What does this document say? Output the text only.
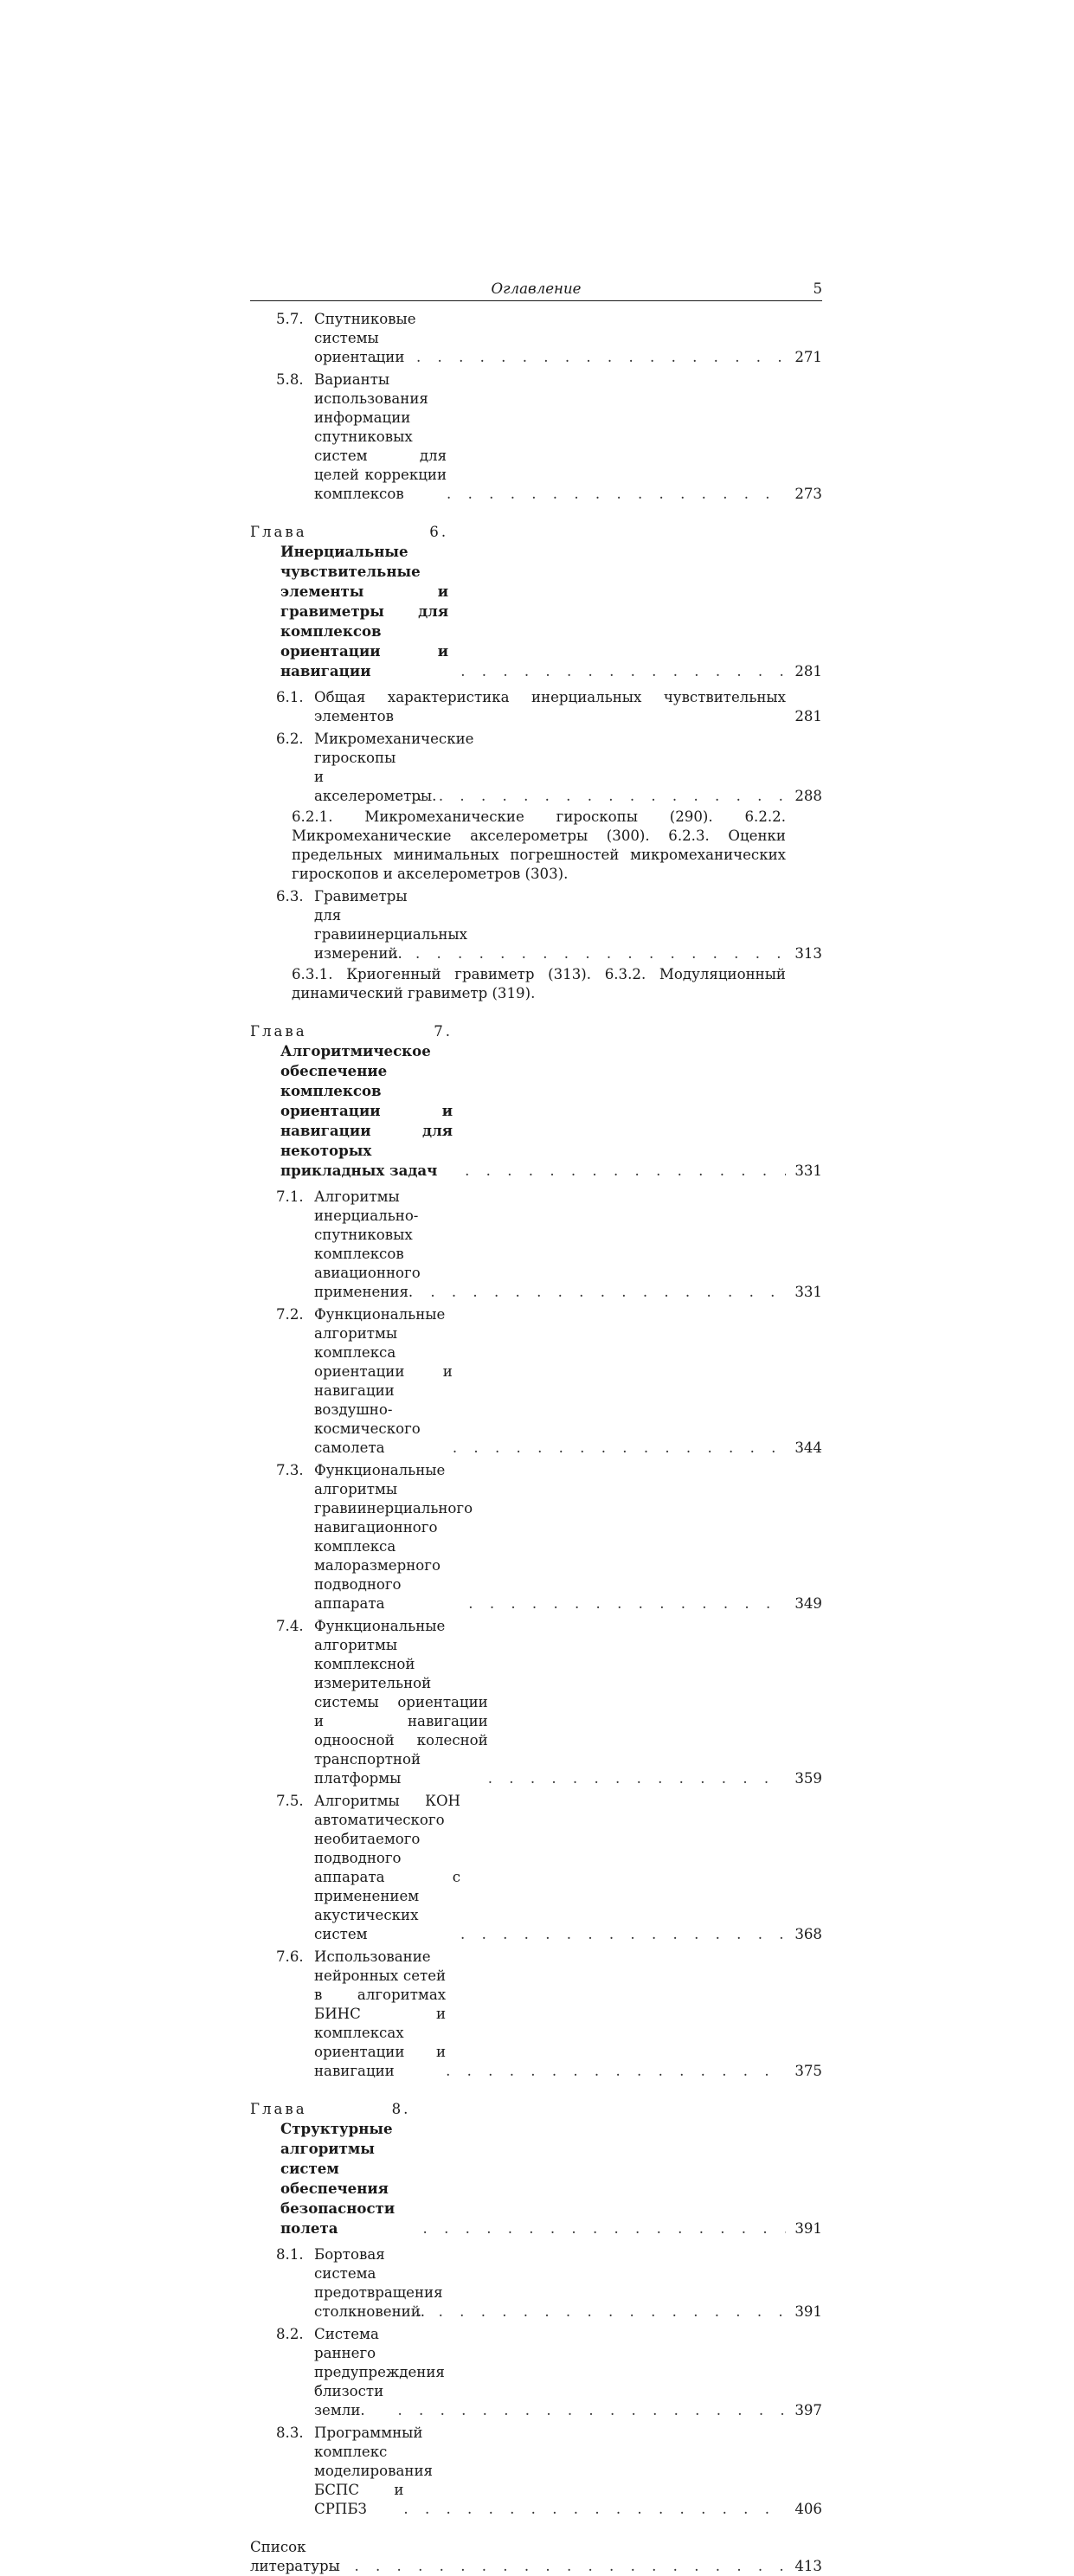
Оглавление	5
5.7. Спутниковые системы ориентации . . .	271
5.8. Варианты использования информации спутниковых систем для целей коррекции комплексов . . .	273
Глава 6. Инерциальные чувствительные элементы и гравиметры для комплексов ориентации и навигации . . .	281
6.1. Общая характеристика инерциальных чувствительных элементов	281
6.2. Микромеханические гироскопы и акселерометры. . . .	288
6.2.1. Микромеханические гироскопы (290). 6.2.2. Микромеханические акселерометры (300). 6.2.3. Оценки предельных минимальных погрешностей микромеханических гироскопов и акселерометров (303).
6.3. Гравиметры для гравиинерциальных измерений. . . .	313
6.3.1. Криогенный гравиметр (313). 6.3.2. Модуляционный динамический гравиметр (319).
Глава 7. Алгоритмическое обеспечение комплексов ориентации и навигации для некоторых прикладных задач . . .	331
7.1. Алгоритмы инерциально-спутниковых комплексов авиационного применения. . . .	331
7.2. Функциональные алгоритмы комплекса ориентации и навигации воздушно-космического самолета . . .	344
7.3. Функциональные алгоритмы гравиинерциального навигационного комплекса малоразмерного подводного аппарата . . .	349
7.4. Функциональные алгоритмы комплексной измерительной системы ориентации и навигации одноосной колесной транспортной платформы . . .	359
7.5. Алгоритмы КОН автоматического необитаемого подводного аппарата с применением акустических систем . . .	368
7.6. Использование нейронных сетей в алгоритмах БИНС и комплексах ориентации и навигации . . .	375
Глава 8. Структурные алгоритмы систем обеспечения безопасности полета . . .	391
8.1. Бортовая система предотвращения столкновений. . . .	391
8.2. Система раннего предупреждения близости земли. . . .	397
8.3. Программный комплекс моделирования БСПС и СРПБЗ . . .	406
Список литературы . . .	413
